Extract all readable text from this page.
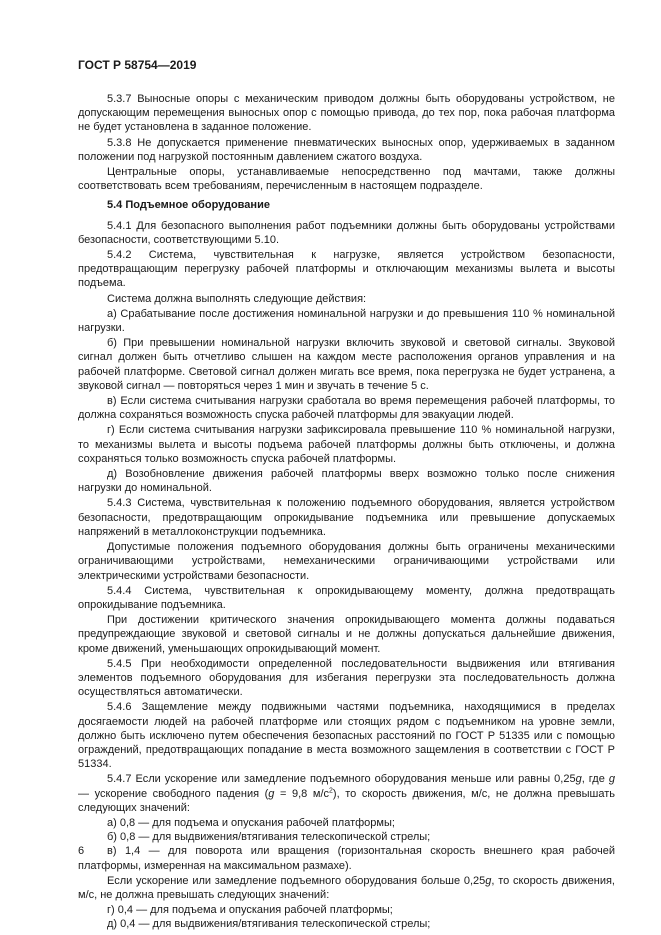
ГОСТ Р 58754—2019

5.3.7 Выносные опоры с механическим приводом должны быть оборудованы устройством, не допускающим перемещения выносных опор с помощью привода, до тех пор, пока рабочая платформа не будет установлена в заданное положение.

5.3.8 Не допускается применение пневматических выносных опор, удерживаемых в заданном положении под нагрузкой постоянным давлением сжатого воздуха.

Центральные опоры, устанавливаемые непосредственно под мачтами, также должны соответствовать всем требованиям, перечисленным в настоящем подразделе.

5.4 Подъемное оборудование

5.4.1 Для безопасного выполнения работ подъемники должны быть оборудованы устройствами безопасности, соответствующими 5.10.

5.4.2 Система, чувствительная к нагрузке, является устройством безопасности, предотвращающим перегрузку рабочей платформы и отключающим механизмы вылета и высоты подъема.

Система должна выполнять следующие действия:

а) Срабатывание после достижения номинальной нагрузки и до превышения 110 % номинальной нагрузки.

б) При превышении номинальной нагрузки включить звуковой и световой сигналы. Звуковой сигнал должен быть отчетливо слышен на каждом месте расположения органов управления и на рабочей платформе. Световой сигнал должен мигать все время, пока перегрузка не будет устранена, а звуковой сигнал — повторяться через 1 мин и звучать в течение 5 с.

в) Если система считывания нагрузки сработала во время перемещения рабочей платформы, то должна сохраняться возможность спуска рабочей платформы для эвакуации людей.

г) Если система считывания нагрузки зафиксировала превышение 110 % номинальной нагрузки, то механизмы вылета и высоты подъема рабочей платформы должны быть отключены, и должна сохраняться только возможность спуска рабочей платформы.

д) Возобновление движения рабочей платформы вверх возможно только после снижения нагрузки до номинальной.

5.4.3 Система, чувствительная к положению подъемного оборудования, является устройством безопасности, предотвращающим опрокидывание подъемника или превышение допускаемых напряжений в металлоконструкции подъемника.

Допустимые положения подъемного оборудования должны быть ограничены механическими ограничивающими устройствами, немеханическими ограничивающими устройствами или электрическими устройствами безопасности.

5.4.4 Система, чувствительная к опрокидывающему моменту, должна предотвращать опрокидывание подъемника.

При достижении критического значения опрокидывающего момента должны подаваться предупреждающие звуковой и световой сигналы и не должны допускаться дальнейшие движения, кроме движений, уменьшающих опрокидывающий момент.

5.4.5 При необходимости определенной последовательности выдвижения или втягивания элементов подъемного оборудования для избегания перегрузки эта последовательность должна осуществляться автоматически.

5.4.6 Защемление между подвижными частями подъемника, находящимися в пределах досягаемости людей на рабочей платформе или стоящих рядом с подъемником на уровне земли, должно быть исключено путем обеспечения безопасных расстояний по ГОСТ Р 51335 или с помощью ограждений, предотвращающих попадание в места возможного защемления в соответствии с ГОСТ Р 51334.

5.4.7 Если ускорение или замедление подъемного оборудования меньше или равны 0,25g, где g — ускорение свободного падения (g = 9,8 $м/с^2$), то скорость движения, м/с, не должна превышать следующих значений:

а) 0,8 — для подъема и опускания рабочей платформы;

б) 0,8 — для выдвижения/втягивания телескопической стрелы;

в) 1,4 — для поворота или вращения (горизонтальная скорость внешнего края рабочей платформы, измеренная на максимальном размахе).

Если ускорение или замедление подъемного оборудования больше 0,25g, то скорость движения, м/с, не должна превышать следующих значений:

г) 0,4 — для подъема и опускания рабочей платформы;

д) 0,4 — для выдвижения/втягивания телескопической стрелы;

6
